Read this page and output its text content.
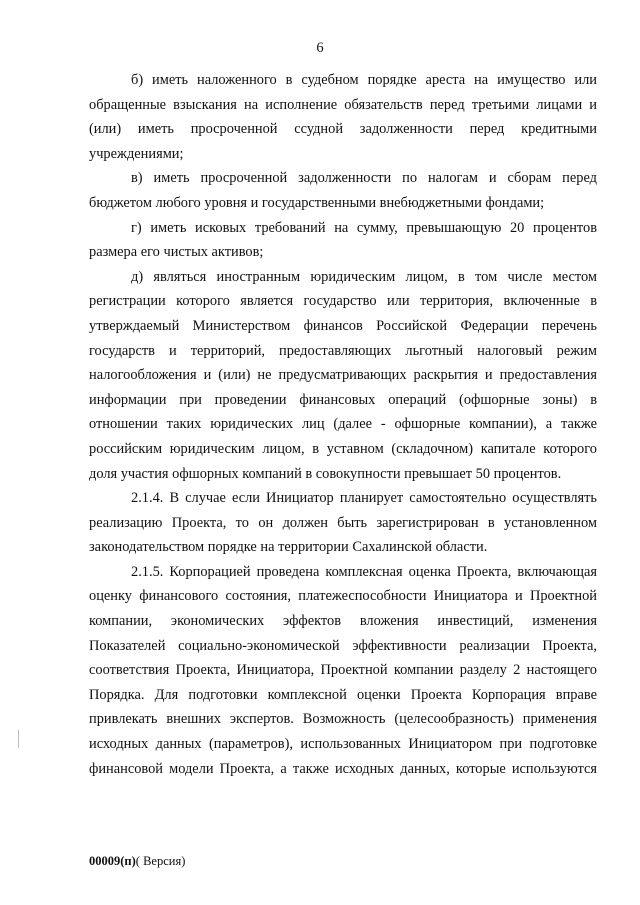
6

б) иметь наложенного в судебном порядке ареста на имущество или обращенные взыскания на исполнение обязательств перед третьими лицами и (или) иметь просроченной ссудной задолженности перед кредитными учреждениями;

в) иметь просроченной задолженности по налогам и сборам перед бюджетом любого уровня и государственными внебюджетными фондами;

г) иметь исковых требований на сумму, превышающую 20 процентов размера его чистых активов;

д) являться иностранным юридическим лицом, в том числе местом регистрации которого является государство или территория, включенные в утверждаемый Министерством финансов Российской Федерации перечень государств и территорий, предоставляющих льготный налоговый режим налогообложения и (или) не предусматривающих раскрытия и предоставления информации при проведении финансовых операций (офшорные зоны) в отношении таких юридических лиц (далее - офшорные компании), а также российским юридическим лицом, в уставном (складочном) капитале которого доля участия офшорных компаний в совокупности превышает 50 процентов.

2.1.4. В случае если Инициатор планирует самостоятельно осуществлять реализацию Проекта, то он должен быть зарегистрирован в установленном законодательством порядке на территории Сахалинской области.

2.1.5. Корпорацией проведена комплексная оценка Проекта, включающая оценку финансового состояния, платежеспособности Инициатора и Проектной компании, экономических эффектов вложения инвестиций, изменения Показателей социально-экономической эффективности реализации Проекта, соответствия Проекта, Инициатора, Проектной компании разделу 2 настоящего Порядка. Для подготовки комплексной оценки Проекта Корпорация вправе привлекать внешних экспертов. Возможность (целесообразность) применения исходных данных (параметров), использованных Инициатором при подготовке финансовой модели Проекта, а также исходных данных, которые используются

00009(п)( Версия)
